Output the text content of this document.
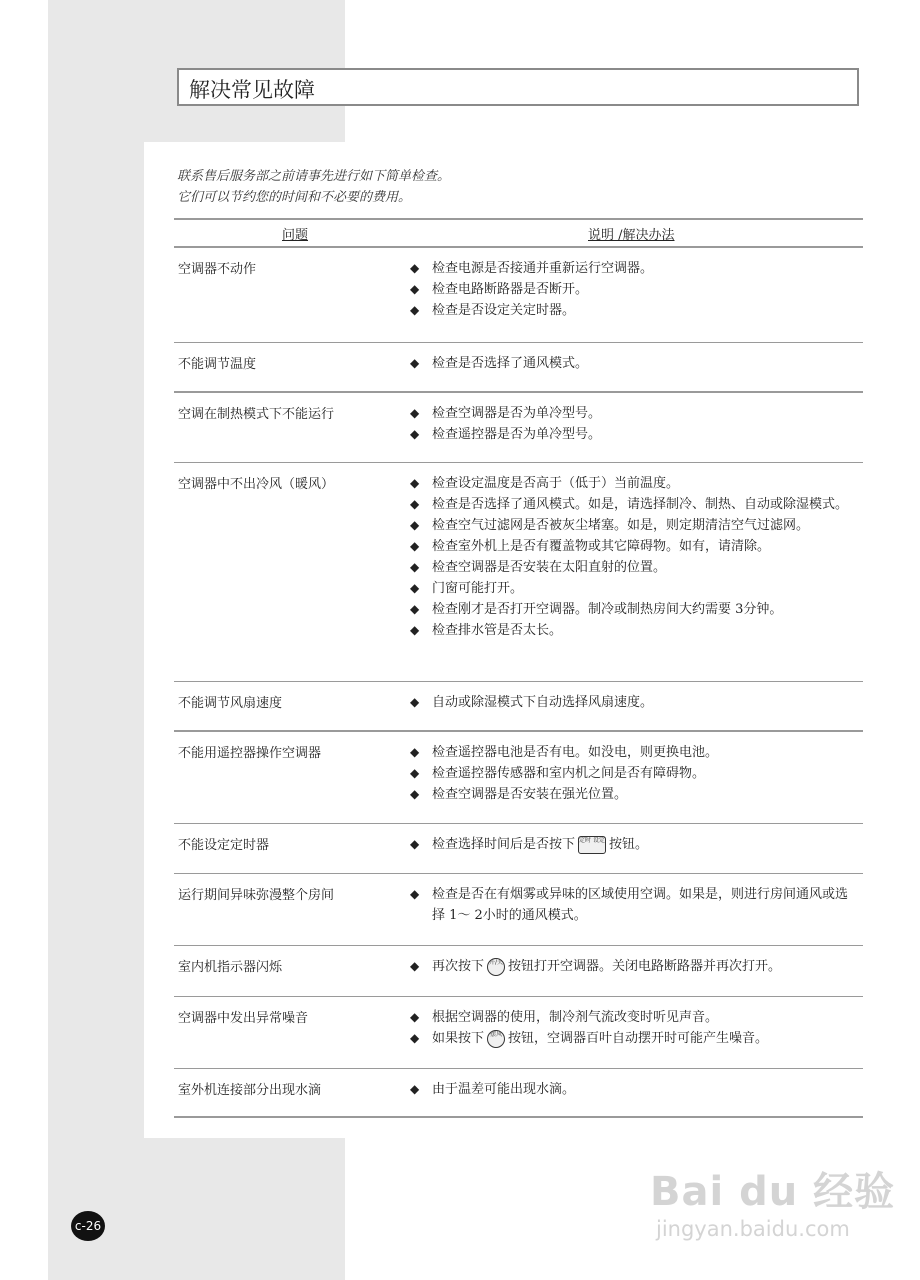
解决常见故障
联系售后服务部之前请事先进行如下简单检查。
它们可以节约您的时间和不必要的费用。
问题	说明 /解决办法
空调器不动作	◆ 检查电源是否接通并重新运行空调器。
◆ 检查电路断路器是否断开。
◆ 检查是否设定关定时器。
不能调节温度	◆ 检查是否选择了通风模式。
空调在制热模式下不能运行	◆ 检查空调器是否为单冷型号。
◆ 检查遥控器是否为单冷型号。
空调器中不出冷风（暖风）	◆ 检查设定温度是否高于（低于）当前温度。
◆ 检查是否选择了通风模式。如是，请选择制冷、制热、自动或除湿模式。
◆ 检查空气过滤网是否被灰尘堵塞。如是，则定期清洁空气过滤网。
◆ 检查室外机上是否有覆盖物或其它障碍物。如有，请清除。
◆ 检查空调器是否安装在太阳直射的位置。
◆ 门窗可能打开。
◆ 检查刚才是否打开空调器。制冷或制热房间大约需要 3分钟。
◆ 检查排水管是否太长。
不能调节风扇速度	◆ 自动或除湿模式下自动选择风扇速度。
不能用遥控器操作空调器	◆ 检查遥控器电池是否有电。如没电，则更换电池。
◆ 检查遥控器传感器和室内机之间是否有障碍物。
◆ 检查空调器是否安装在强光位置。
不能设定定时器	◆ 检查选择时间后是否按下 定时 设定 按钮。
运行期间异味弥漫整个房间	◆ 检查是否在有烟雾或异味的区域使用空调。如果是，则进行房间通风或选择 1～ 2小时的通风模式。
室内机指示器闪烁	◆ 再次按下 开/关 按钮打开空调器。关闭电路断路器并再次打开。
空调器中发出异常噪音	◆ 根据空调器的使用，制冷剂气流改变时听见声音。
◆ 如果按下 摆风 按钮，空调器百叶自动摆开时可能产生噪音。
室外机连接部分出现水滴	◆ 由于温差可能出现水滴。
c-26
Bai du 经验
jingyan.baidu.com
